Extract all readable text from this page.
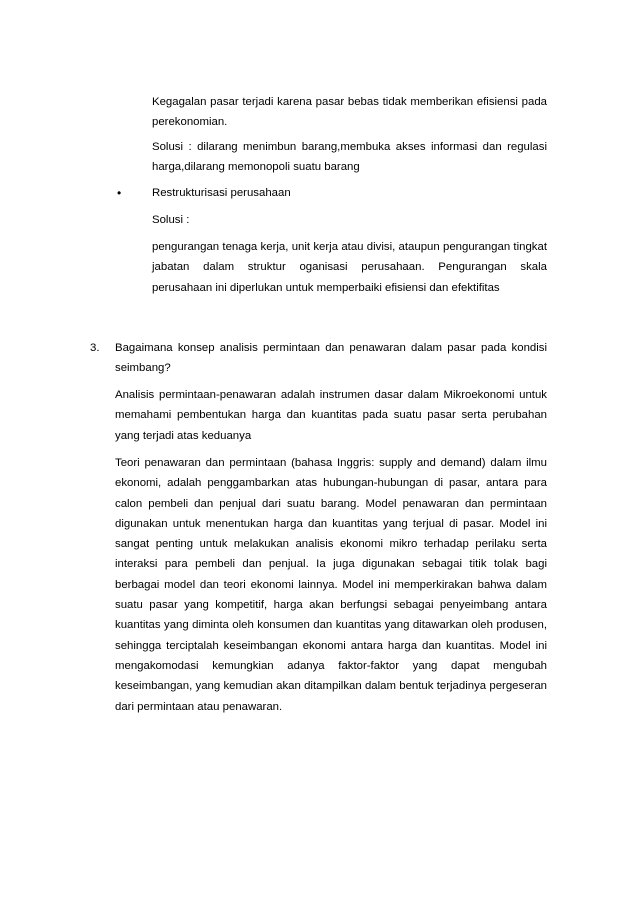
Kegagalan pasar terjadi karena pasar bebas tidak memberikan efisiensi pada perekonomian.

Solusi : dilarang menimbun barang,membuka akses informasi dan regulasi harga,dilarang memonopoli suatu barang

•	Restrukturisasi perusahaan

Solusi :

pengurangan tenaga kerja, unit kerja atau divisi, ataupun pengurangan tingkat jabatan dalam struktur oganisasi perusahaan. Pengurangan skala perusahaan ini diperlukan untuk memperbaiki efisiensi dan efektifitas

3. Bagaimana konsep analisis permintaan dan penawaran dalam pasar pada kondisi seimbang?

Analisis permintaan-penawaran adalah instrumen dasar dalam Mikroekonomi untuk memahami pembentukan harga dan kuantitas pada suatu pasar serta perubahan yang terjadi atas keduanya

Teori penawaran dan permintaan (bahasa Inggris: supply and demand) dalam ilmu ekonomi, adalah penggambarkan atas hubungan-hubungan di pasar, antara para calon pembeli dan penjual dari suatu barang. Model penawaran dan permintaan digunakan untuk menentukan harga dan kuantitas yang terjual di pasar. Model ini sangat penting untuk melakukan analisis ekonomi mikro terhadap perilaku serta interaksi para pembeli dan penjual. Ia juga digunakan sebagai titik tolak bagi berbagai model dan teori ekonomi lainnya. Model ini memperkirakan bahwa dalam suatu pasar yang kompetitif, harga akan berfungsi sebagai penyeimbang antara kuantitas yang diminta oleh konsumen dan kuantitas yang ditawarkan oleh produsen, sehingga terciptalah keseimbangan ekonomi antara harga dan kuantitas. Model ini mengakomodasi kemungkian adanya faktor-faktor yang dapat mengubah keseimbangan, yang kemudian akan ditampilkan dalam bentuk terjadinya pergeseran dari permintaan atau penawaran.
